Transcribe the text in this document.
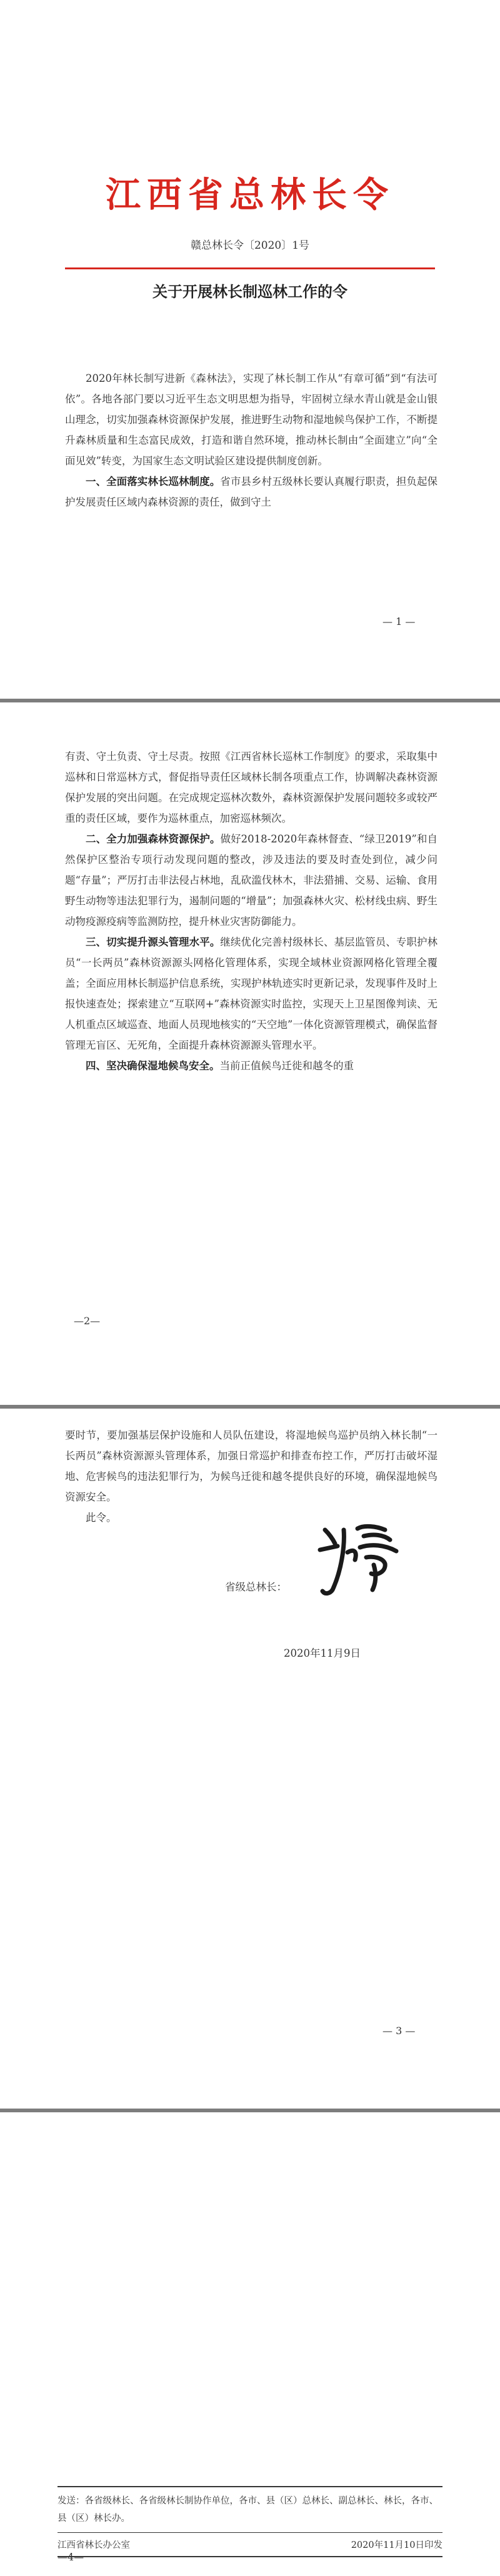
江西省总林长令
赣总林长令〔2020〕1号
关于开展林长制巡林工作的令

2020年林长制写进新《森林法》，实现了林长制工作从“有章可循”到“有法可依”。各地各部门要以习近平生态文明思想为指导，牢固树立绿水青山就是金山银山理念，切实加强森林资源保护发展，推进野生动物和湿地候鸟保护工作，不断提升森林质量和生态富民成效，打造和谐自然环境，推动林长制由“全面建立”向“全面见效”转变，为国家生态文明试验区建设提供制度创新。

一、全面落实林长巡林制度。省市县乡村五级林长要认真履行职责，担负起保护发展责任区域内森林资源的责任，做到守土

— 1 —

有责、守土负责、守土尽责。按照《江西省林长巡林工作制度》的要求，采取集中巡林和日常巡林方式，督促指导责任区域林长制各项重点工作，协调解决森林资源保护发展的突出问题。在完成规定巡林次数外，森林资源保护发展问题较多或较严重的责任区域，要作为巡林重点，加密巡林频次。

二、全力加强森林资源保护。做好2018-2020年森林督查、“绿卫2019”和自然保护区整治专项行动发现问题的整改，涉及违法的要及时查处到位，减少问题“存量”；严厉打击非法侵占林地，乱砍滥伐林木，非法猎捕、交易、运输、食用野生动物等违法犯罪行为，遏制问题的“增量”；加强森林火灾、松材线虫病、野生动物疫源疫病等监测防控，提升林业灾害防御能力。

三、切实提升源头管理水平。继续优化完善村级林长、基层监管员、专职护林员“一长两员”森林资源源头网格化管理体系，实现全域林业资源网格化管理全覆盖；全面应用林长制巡护信息系统，实现护林轨迹实时更新记录，发现事件及时上报快速查处；探索建立“互联网+”森林资源实时监控，实现天上卫星图像判读、无人机重点区域巡查、地面人员现地核实的“天空地”一体化资源管理模式，确保监督管理无盲区、无死角，全面提升森林资源源头管理水平。

四、坚决确保湿地候鸟安全。当前正值候鸟迁徙和越冬的重

—2—

要时节，要加强基层保护设施和人员队伍建设，将湿地候鸟巡护员纳入林长制“一长两员”森林资源源头管理体系，加强日常巡护和排查布控工作，严厉打击破坏湿地、危害候鸟的违法犯罪行为，为候鸟迁徙和越冬提供良好的环境，确保湿地候鸟资源安全。

此令。

省级总林长：
2020年11月9日
— 3 —
发送：各省级林长、各省级林长制协作单位，各市、县（区）总林长、副总林长、林长，各市、县（区）林长办。
江西省林长办公室	2020年11月10日印发
—4—
